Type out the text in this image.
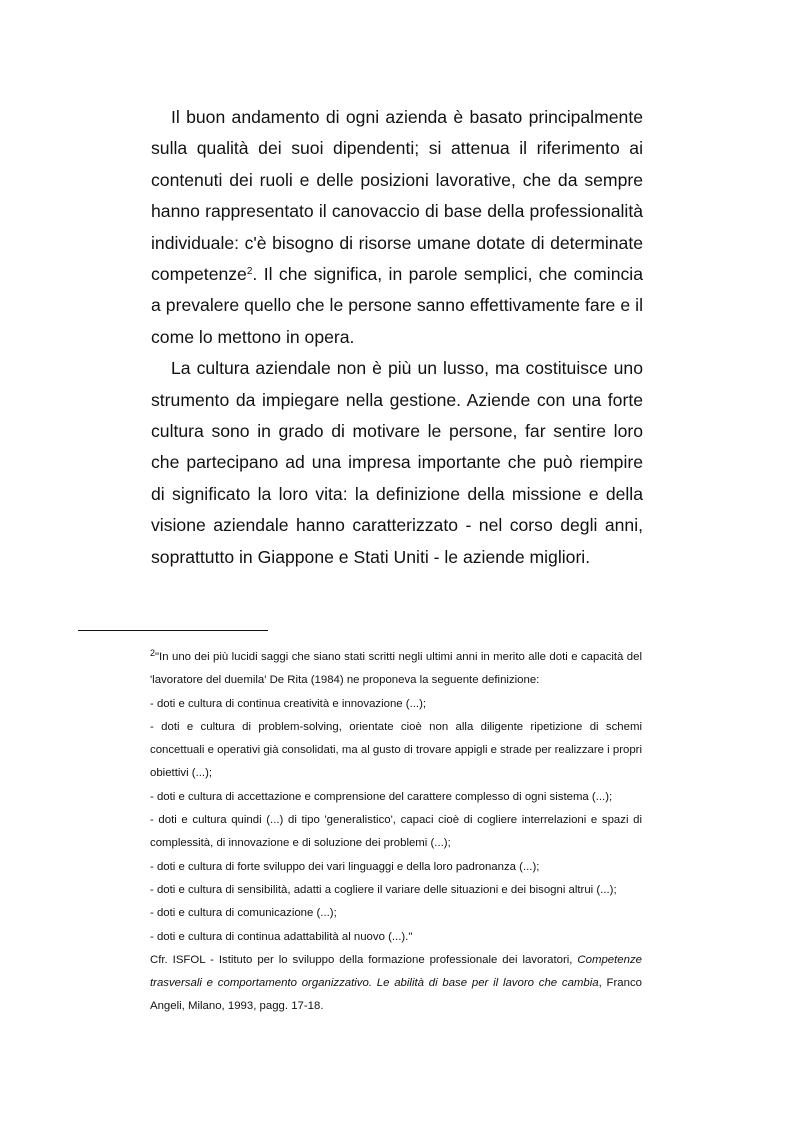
Il buon andamento di ogni azienda è basato principalmente sulla qualità dei suoi dipendenti; si attenua il riferimento ai contenuti dei ruoli e delle posizioni lavorative, che da sempre hanno rappresentato il canovaccio di base della professionalità individuale: c'è bisogno di risorse umane dotate di determinate competenze$^2$. Il che significa, in parole semplici, che comincia a prevalere quello che le persone sanno effettivamente fare e il come lo mettono in opera.

La cultura aziendale non è più un lusso, ma costituisce uno strumento da impiegare nella gestione. Aziende con una forte cultura sono in grado di motivare le persone, far sentire loro che partecipano ad una impresa importante che può riempire di significato la loro vita: la definizione della missione e della visione aziendale hanno caratterizzato - nel corso degli anni, soprattutto in Giappone e Stati Uniti - le aziende migliori.

$^2$"In uno dei più lucidi saggi che siano stati scritti negli ultimi anni in merito alle doti e capacità del 'lavoratore del duemila' De Rita (1984) ne proponeva la seguente definizione:

- doti e cultura di continua creatività e innovazione (...);

- doti e cultura di problem-solving, orientate cioè non alla diligente ripetizione di schemi concettuali e operativi già consolidati, ma al gusto di trovare appigli e strade per realizzare i propri obiettivi (...);

- doti e cultura di accettazione e comprensione del carattere complesso di ogni sistema (...);

- doti e cultura quindi (...) di tipo 'generalistico', capaci cioè di cogliere interrelazioni e spazi di complessità, di innovazione e di soluzione dei problemi (...);

- doti e cultura di forte sviluppo dei vari linguaggi e della loro padronanza (...);

- doti e cultura di sensibilità, adatti a cogliere il variare delle situazioni e dei bisogni altrui (...);

- doti e cultura di comunicazione (...);

- doti e cultura di continua adattabilità al nuovo (...)."

Cfr. ISFOL - Istituto per lo sviluppo della formazione professionale dei lavoratori, Competenze trasversali e comportamento organizzativo. Le abilità di base per il lavoro che cambia, Franco Angeli, Milano, 1993, pagg. 17-18.
